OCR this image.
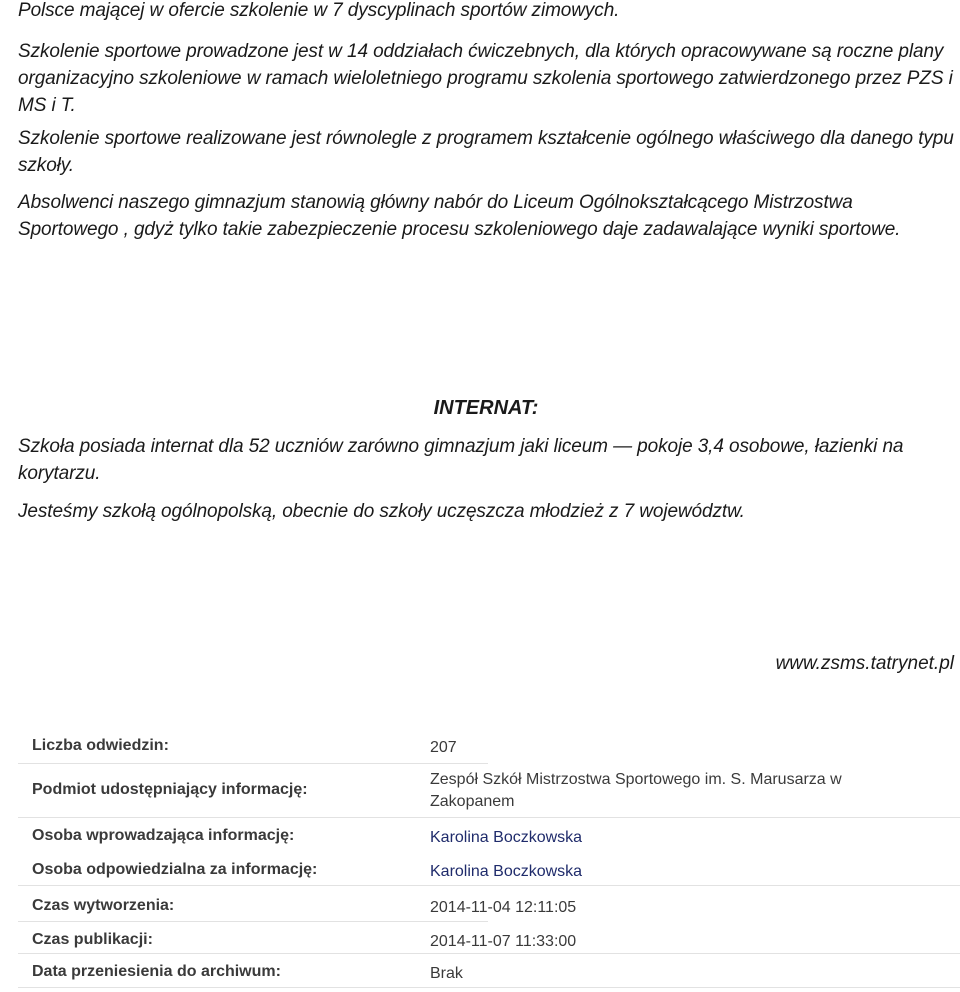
Polsce mającej w ofercie szkolenie w 7 dyscyplinach sportów zimowych.

Szkolenie sportowe prowadzone jest w 14 oddziałach ćwiczebnych, dla których opracowywane są roczne plany organizacyjno szkoleniowe w ramach wieloletniego programu szkolenia sportowego zatwierdzonego przez PZS i MS i T.

Szkolenie sportowe realizowane jest równolegle z programem kształcenie ogólnego właściwego dla danego typu szkoły.

Absolwenci naszego gimnazjum stanowią główny nabór do Liceum Ogólnokształcącego Mistrzostwa Sportowego , gdyż tylko takie zabezpieczenie procesu szkoleniowego daje zadawalające wyniki sportowe.

INTERNAT:

Szkoła posiada internat dla 52 uczniów zarówno gimnazjum jaki liceum — pokoje 3,4 osobowe, łazienki na korytarzu.

Jesteśmy szkołą ogólnopolską, obecnie do szkoły uczęszcza młodzież z 7 województw.

www.zsms.tatrynet.pl

Liczba odwiedzin:	207
Podmiot udostępniający informację:
Zespół Szkół Mistrzostwa Sportowego im. S. Marusarza w Zakopanem
Osoba wprowadzająca informację:	Karolina Boczkowska
Osoba odpowiedzialna za informację:	Karolina Boczkowska
Czas wytworzenia:	2014-11-04 12:11:05
Czas publikacji:	2014-11-07 11:33:00
Data przeniesienia do archiwum:	Brak
